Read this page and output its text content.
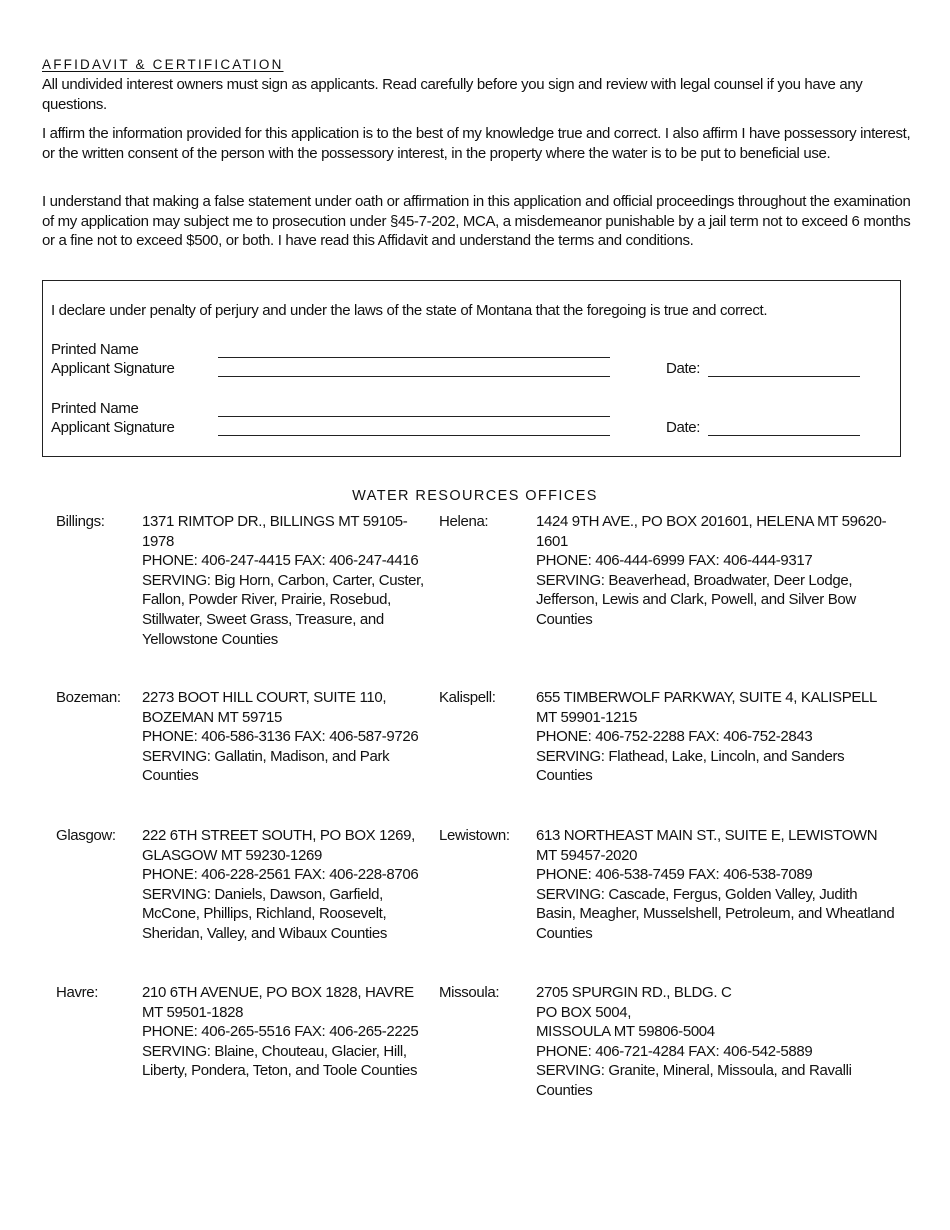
AFFIDAVIT & CERTIFICATION
All undivided interest owners must sign as applicants. Read carefully before you sign and review with legal counsel if you have any questions.
I affirm the information provided for this application is to the best of my knowledge true and correct. I also affirm I have possessory interest, or the written consent of the person with the possessory interest, in the property where the water is to be put to beneficial use.
I understand that making a false statement under oath or affirmation in this application and official proceedings throughout the examination of my application may subject me to prosecution under §45-7-202, MCA, a misdemeanor punishable by a jail term not to exceed 6 months or a fine not to exceed $500, or both. I have read this Affidavit and understand the terms and conditions.
I declare under penalty of perjury and under the laws of the state of Montana that the foregoing is true and correct.
Printed Name
Applicant Signature	Date:
Printed Name
Applicant Signature	Date:
WATER RESOURCES OFFICES
Billings: 1371 RIMTOP DR., BILLINGS MT 59105-1978
PHONE: 406-247-4415 FAX: 406-247-4416
SERVING: Big Horn, Carbon, Carter, Custer, Fallon, Powder River, Prairie, Rosebud, Stillwater, Sweet Grass, Treasure, and Yellowstone Counties
Bozeman: 2273 BOOT HILL COURT, SUITE 110, BOZEMAN MT 59715
PHONE: 406-586-3136 FAX: 406-587-9726
SERVING: Gallatin, Madison, and Park Counties
Glasgow: 222 6TH STREET SOUTH, PO BOX 1269, GLASGOW MT 59230-1269
PHONE: 406-228-2561 FAX: 406-228-8706
SERVING: Daniels, Dawson, Garfield, McCone, Phillips, Richland, Roosevelt, Sheridan, Valley, and Wibaux Counties
Havre:	210 6TH AVENUE, PO BOX 1828, HAVRE MT 59501-1828
PHONE: 406-265-5516 FAX: 406-265-2225
SERVING: Blaine, Chouteau, Glacier, Hill, Liberty, Pondera, Teton, and Toole Counties
Helena:	1424 9TH AVE., PO BOX 201601, HELENA MT 59620-1601
PHONE: 406-444-6999 FAX: 406-444-9317
SERVING: Beaverhead, Broadwater, Deer Lodge, Jefferson, Lewis and Clark, Powell, and Silver Bow Counties
Kalispell:	655 TIMBERWOLF PARKWAY, SUITE 4, KALISPELL MT 59901-1215
PHONE: 406-752-2288 FAX: 406-752-2843
SERVING: Flathead, Lake, Lincoln, and Sanders Counties
Lewistown: 613 NORTHEAST MAIN ST., SUITE E, LEWISTOWN MT 59457-2020
PHONE: 406-538-7459 FAX: 406-538-7089
SERVING: Cascade, Fergus, Golden Valley, Judith Basin, Meagher, Musselshell, Petroleum, and Wheatland Counties
Missoula: 2705 SPURGIN RD., BLDG. C
PO BOX 5004,
MISSOULA MT 59806-5004
PHONE: 406-721-4284 FAX: 406-542-5889
SERVING: Granite, Mineral, Missoula, and Ravalli Counties
